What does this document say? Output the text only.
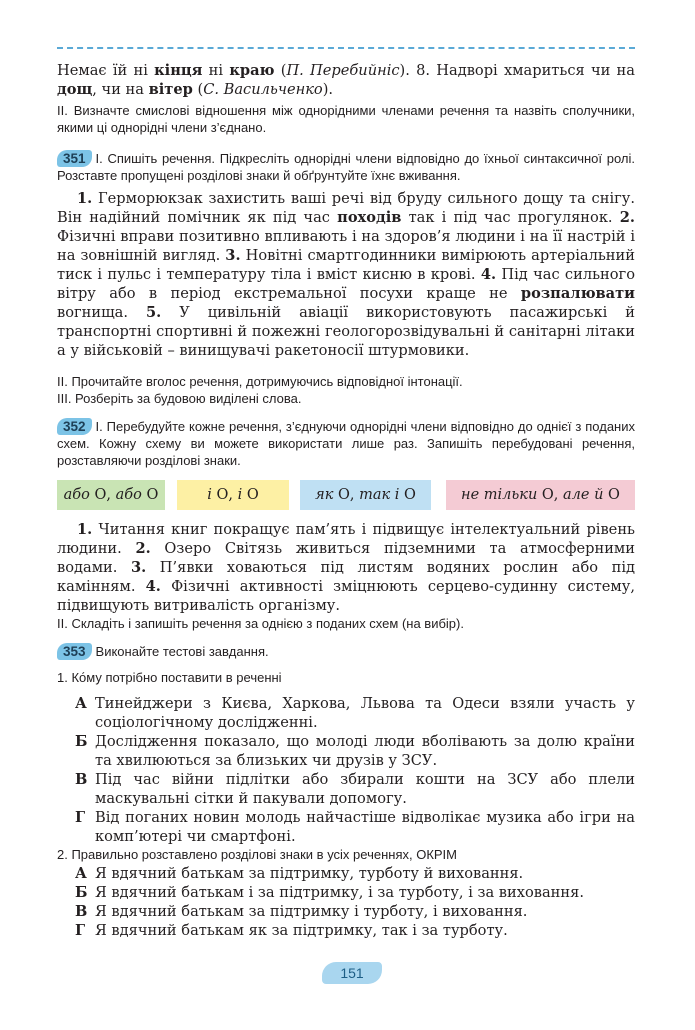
Немає їй ні кінця ні краю (П. Перебийніс). 8. Надворі хмариться чи на дощ, чи на вітер (С. Васильченко).

II. Визначте смислові відношення між однорідними членами речення та назвіть сполучники, якими ці однорідні члени з’єднано.

351 I. Спишіть речення. Підкресліть однорідні члени відповідно до їхньої синтаксичної ролі. Розставте пропущені розділові знаки й обґрунтуйте їхнє вживання.

1. Герморюкзак захистить ваші речі від бруду сильного дощу та снігу. Він надійний помічник як під час походів так і під час прогулянок. 2. Фізичні вправи позитивно впливають і на здоров’я людини і на її настрій і на зовнішній вигляд. 3. Новітні смартгодинники вимірюють артеріальний тиск і пульс і температуру тіла і вміст кисню в крові. 4. Під час сильного вітру або в період екстремальної посухи краще не розпалювати вогнища. 5. У цивільній авіації використовують пасажирські й транспортні спортивні й пожежні геологорозвідувальні й санітарні літаки а у військовій – винищувачі ракетоносії штурмовики.

II. Прочитайте вголос речення, дотримуючись відповідної інтонації.

III. Розберіть за будовою виділені слова.

352 I. Перебудуйте кожне речення, з’єднуючи однорідні члени відповідно до однієї з поданих схем. Кожну схему ви можете використати лише раз. Запишіть перебудовані речення, розставляючи розділові знаки.

або О, або О	і О, і О	як О, так і О	не тільки О, але й О

1. Читання книг покращує пам’ять і підвищує інтелектуальний рівень людини. 2. Озеро Світязь живиться підземними та атмосферними водами. 3. П’явки ховаються під листям водяних рослин або під камінням. 4. Фізичні активності зміцнюють серцево-судинну систему, підвищують витривалість організму.

II. Складіть і запишіть речення за однією з поданих схем (на вибір).

353 Виконайте тестові завдання.

1. Ко́му потрібно поставити в реченні

А Тинейджери з Києва, Харкова, Львова та Одеси взяли участь у соціологічному дослідженні.
Б Дослідження показало, що молоді люди вболівають за долю країни та хвилюються за близьких чи друзів у ЗСУ.
В Під час війни підлітки або збирали кошти на ЗСУ або плели маскувальні сітки й пакували допомогу.
Г Від поганих новин молодь найчастіше відволікає музика або ігри на комп’ютері чи смартфоні.

2. Правильно розставлено розділові знаки в усіх реченнях, ОКРІМ

А Я вдячний батькам за підтримку, турботу й виховання.
Б Я вдячний батькам і за підтримку, і за турботу, і за виховання.
В Я вдячний батькам за підтримку і турботу, і виховання.
Г Я вдячний батькам як за підтримку, так і за турботу.
151
